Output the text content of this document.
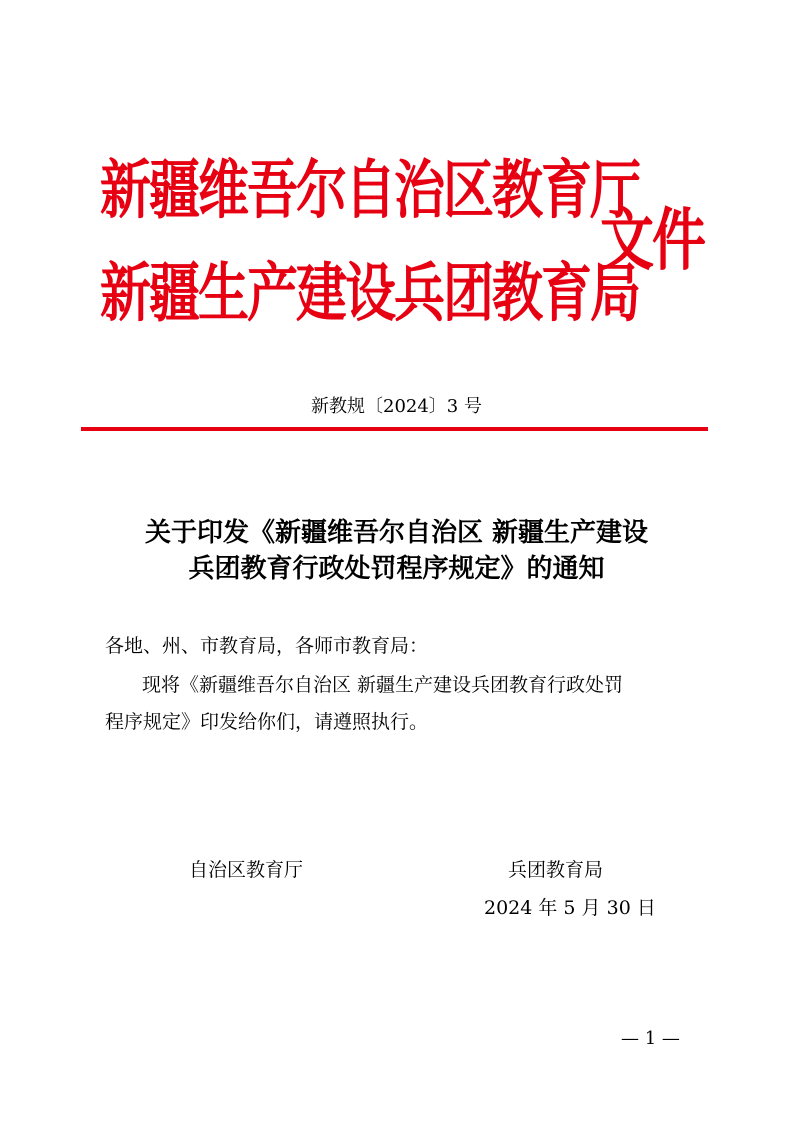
新疆维吾尔自治区教育厅
新疆生产建设兵团教育局
文件
新教规〔2024〕3 号
关于印发《新疆维吾尔自治区 新疆生产建设
兵团教育行政处罚程序规定》的通知
各地、州、市教育局，各师市教育局：
现将《新疆维吾尔自治区 新疆生产建设兵团教育行政处罚
程序规定》印发给你们，请遵照执行。
自治区教育厅	兵团教育局
2024 年 5 月 30 日
— 1 —
